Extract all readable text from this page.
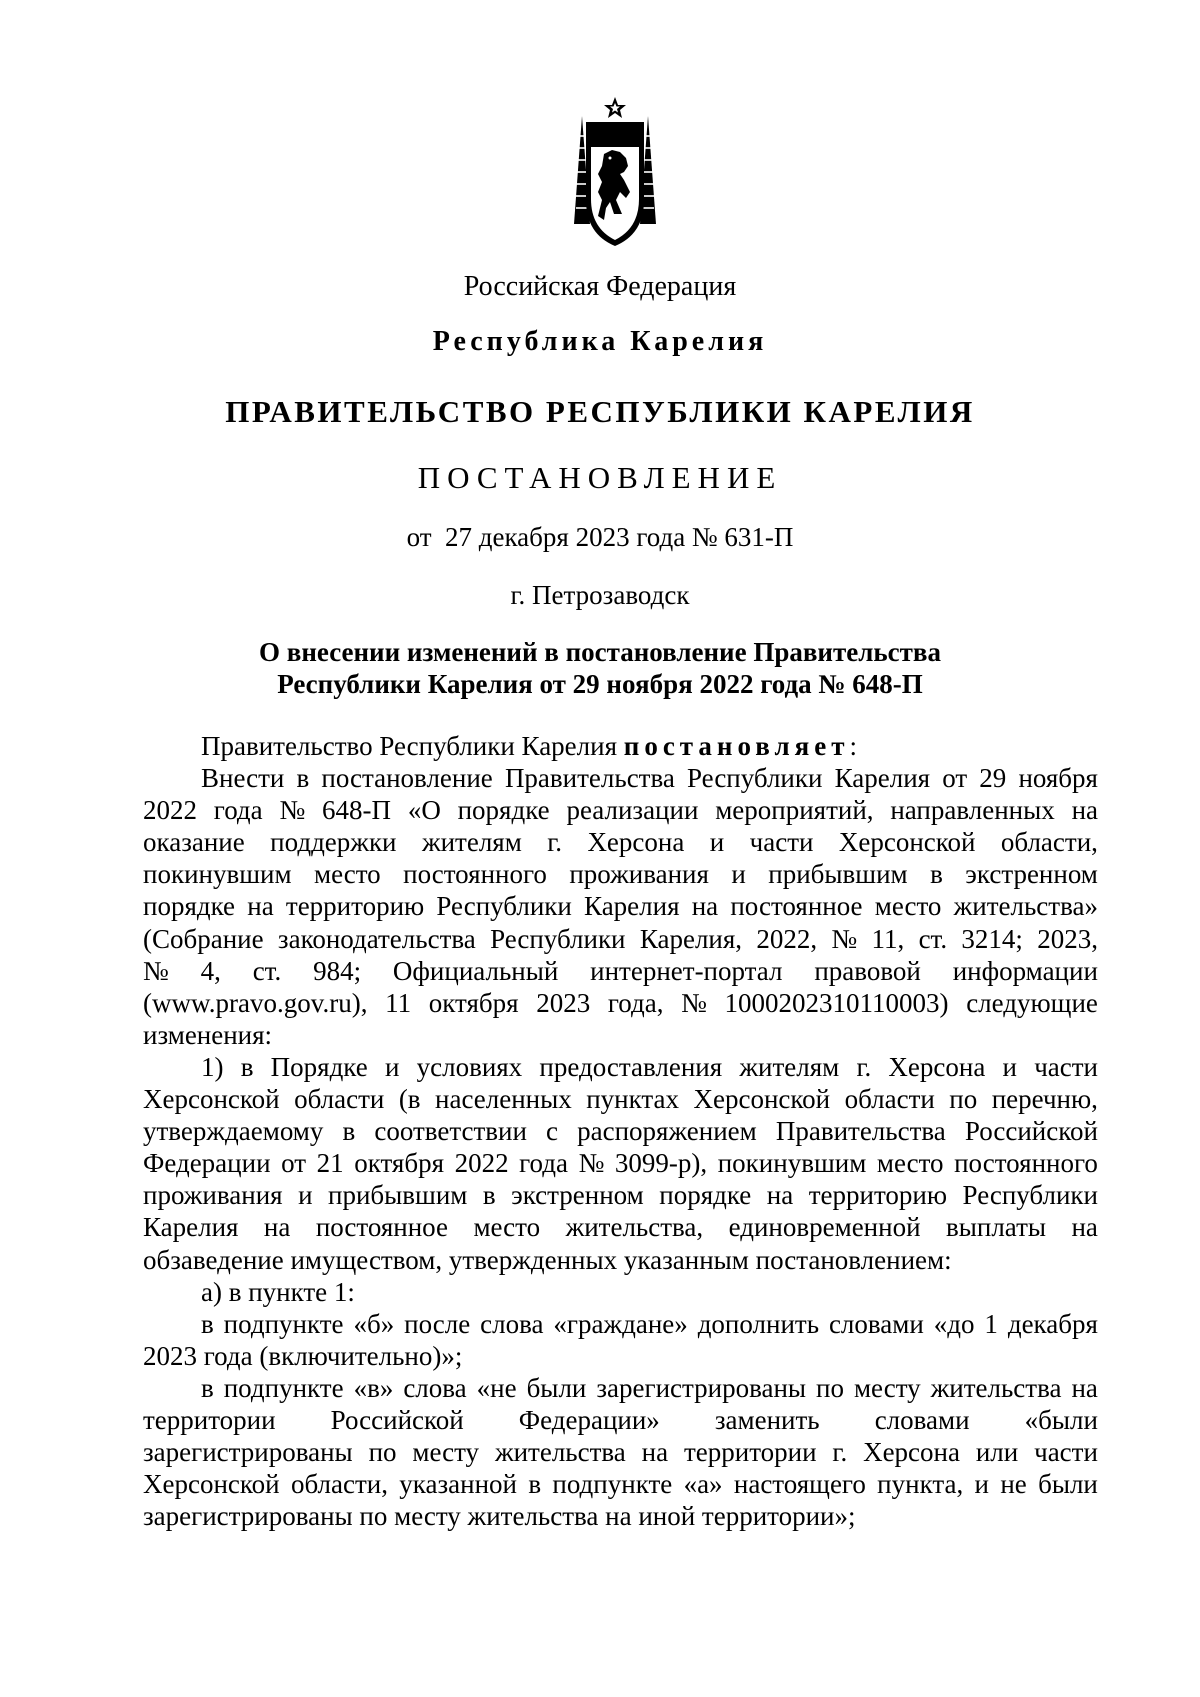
Российская Федерация
Республика Карелия
ПРАВИТЕЛЬСТВО РЕСПУБЛИКИ КАРЕЛИЯ
ПОСТАНОВЛЕНИЕ
от  27 декабря 2023 года № 631-П
г. Петрозаводск
О внесении изменений в постановление Правительства
Республики Карелия от 29 ноября 2022 года № 648-П
Правительство Республики Карелия постановляет:
Внести в постановление Правительства Республики Карелия от 29 ноября
2022 года № 648-П «О порядке реализации мероприятий, направленных на
оказание поддержки жителям г. Херсона и части Херсонской области,
покинувшим место постоянного проживания и прибывшим в экстренном
порядке на территорию Республики Карелия на постоянное место жительства»
(Собрание законодательства Республики Карелия, 2022, № 11, ст. 3214; 2023,
№ 4, ст. 984; Официальный интернет-портал правовой информации
(www.pravo.gov.ru), 11 октября 2023 года, № 1000202310110003) следующие
изменения:
1) в Порядке и условиях предоставления жителям г. Херсона и части
Херсонской области (в населенных пунктах Херсонской области по перечню,
утверждаемому в соответствии с распоряжением Правительства Российской
Федерации от 21 октября 2022 года № 3099-р), покинувшим место постоянного
проживания и прибывшим в экстренном порядке на территорию Республики
Карелия на постоянное место жительства, единовременной выплаты на
обзаведение имуществом, утвержденных указанным постановлением:
а) в пункте 1:
в подпункте «б» после слова «граждане» дополнить словами «до 1 декабря
2023 года (включительно)»;
в подпункте «в» слова «не были зарегистрированы по месту жительства на
территории Российской Федерации» заменить словами «были
зарегистрированы по месту жительства на территории г. Херсона или части
Херсонской области, указанной в подпункте «а» настоящего пункта, и не были
зарегистрированы по месту жительства на иной территории»;
